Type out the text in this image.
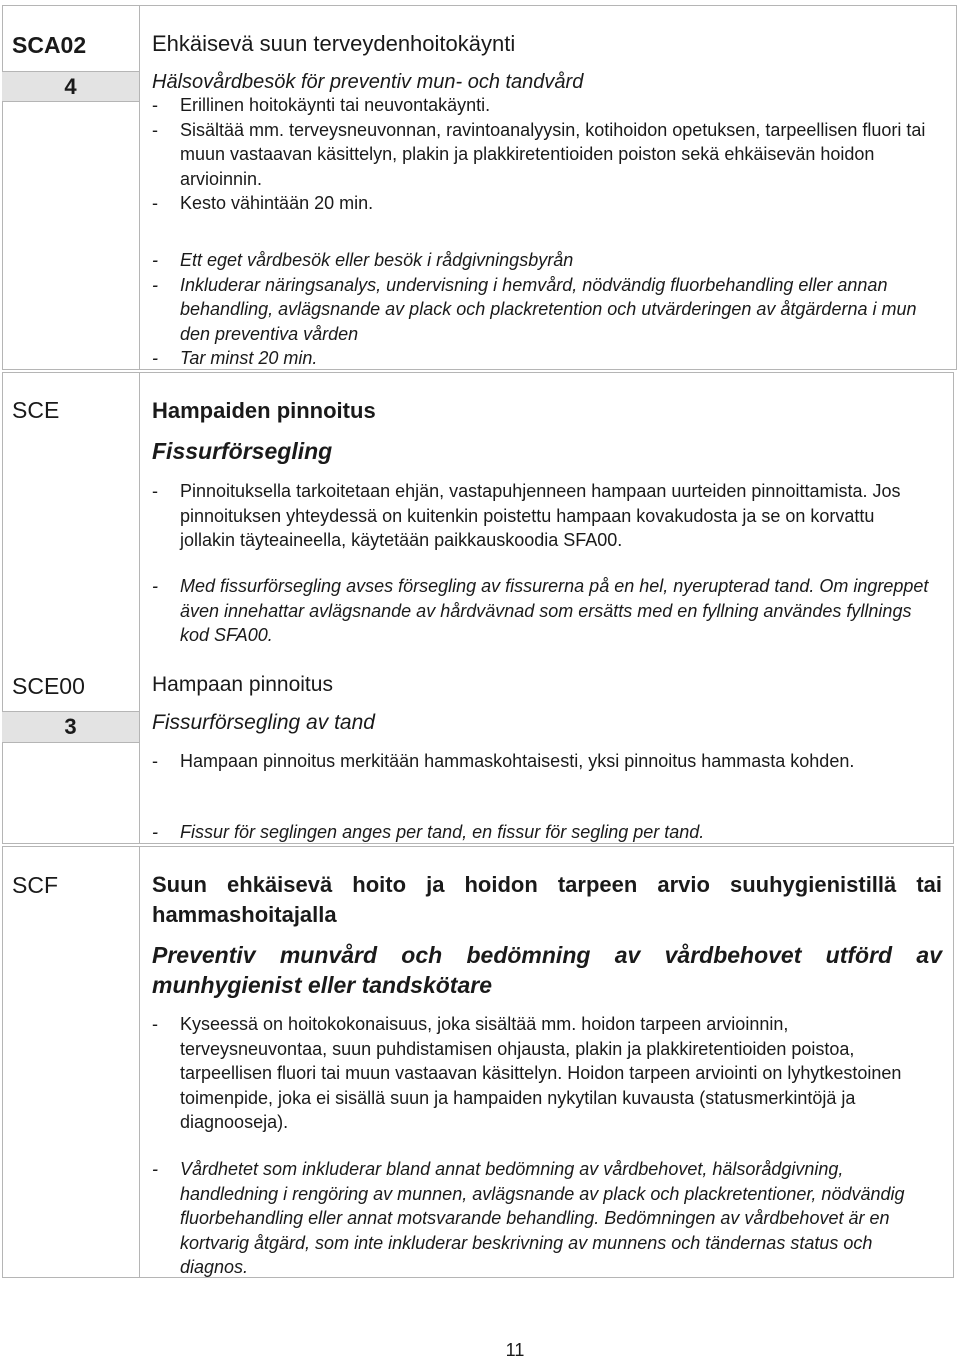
SCA02
4
Ehkäisevä suun terveydenhoitokäynti
Hälsovårdbesök för preventiv mun- och tandvård
- Erillinen hoitokäynti tai neuvontakäynti.
- Sisältää mm. terveysneuvonnan, ravintoanalyysin, kotihoidon opetuksen, tarpeellisen fluori tai muun vastaavan käsittelyn, plakin ja plakkiretentioiden poiston sekä ehkäisevän hoidon arvioinnin.
- Kesto vähintään 20 min.
- Ett eget vårdbesök eller besök i rådgivningsbyrån
- Inkluderar näringsanalys, undervisning i hemvård, nödvändig fluorbehandling eller annan behandling, avlägsnande av plack och plackretention och utvärderingen av åtgärderna i mun den preventiva vården
- Tar minst 20 min.
SCE	Hampaiden pinnoitus
Fissurförsegling
- Pinnoituksella tarkoitetaan ehjän, vastapuhjenneen hampaan uurteiden pinnoittamista. Jos pinnoituksen yhteydessä on kuitenkin poistettu hampaan kovakudosta ja se on korvattu jollakin täyteaineella, käytetään paikkauskoodia SFA00.
- Med fissurförsegling avses försegling av fissurerna på en hel, nyerupterad tand. Om ingreppet även innehattar avlägsnande av hårdvävnad som ersätts med en fyllning användes fyllnings kod SFA00.
SCE00
3
Hampaan pinnoitus
Fissurförsegling av tand
- Hampaan pinnoitus merkitään hammaskohtaisesti, yksi pinnoitus hammasta kohden.
- Fissur för seglingen anges per tand, en fissur för segling per tand.
SCF	Suun ehkäisevä hoito ja hoidon tarpeen arvio suuhygienistillä tai hammashoitajalla
Preventiv munvård och bedömning av vårdbehovet utförd av munhygienist eller tandskötare
- Kyseessä on hoitokokonaisuus, joka sisältää mm. hoidon tarpeen arvioinnin, terveysneuvontaa, suun puhdistamisen ohjausta, plakin ja plakkiretentioiden poistoa, tarpeellisen fluori tai muun vastaavan käsittelyn. Hoidon tarpeen arviointi on lyhytkestoinen toimenpide, joka ei sisällä suun ja hampaiden nykytilan kuvausta (statusmerkintöjä ja diagnooseja).
- Vårdhetet som inkluderar bland annat bedömning av vårdbehovet, hälsorådgivning, handledning i rengöring av munnen, avlägsnande av plack och plackretentioner, nödvändig fluorbehandling eller annat motsvarande behandling. Bedömningen av vårdbehovet är en kortvarig åtgärd, som inte inkluderar beskrivning av munnens och tändernas status och diagnos.
11
